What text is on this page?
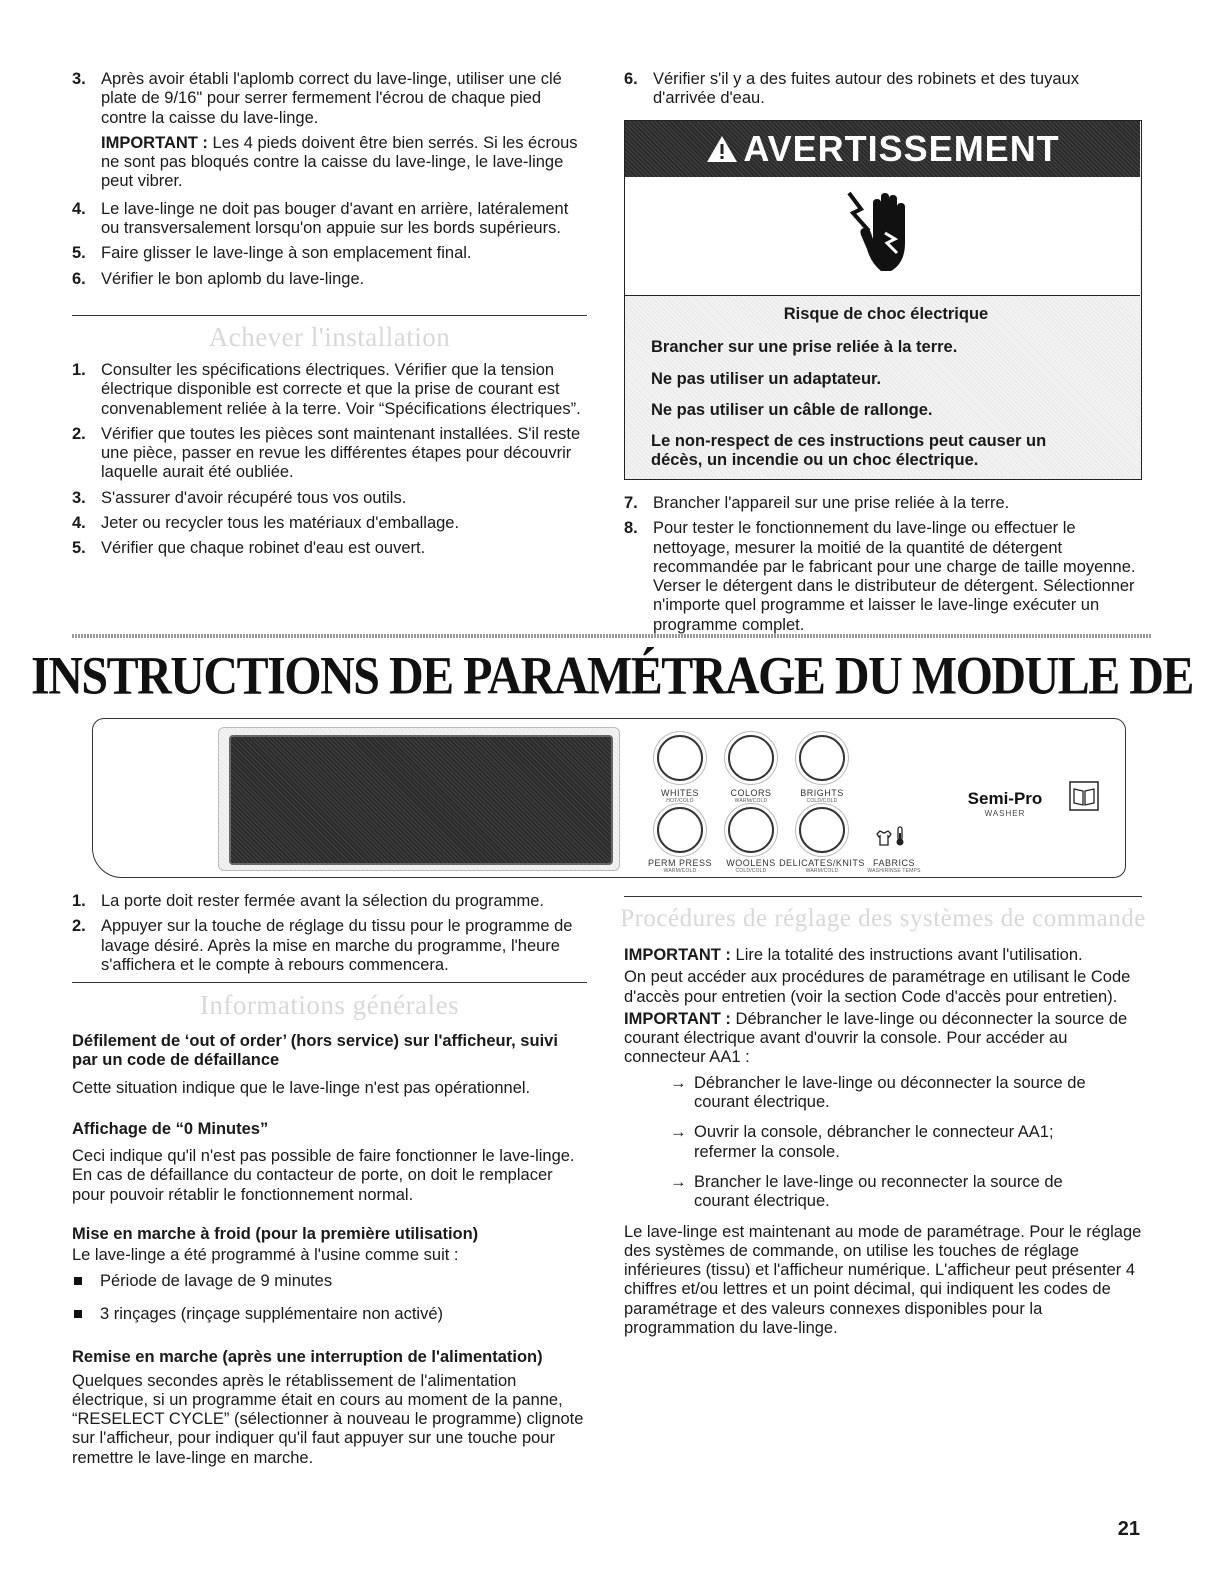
3. Après avoir établi l'aplomb correct du lave-linge, utiliser une clé plate de 9/16" pour serrer fermement l'écrou de chaque pied contre la caisse du lave-linge.
IMPORTANT : Les 4 pieds doivent être bien serrés. Si les écrous ne sont pas bloqués contre la caisse du lave-linge, le lave-linge peut vibrer.
4. Le lave-linge ne doit pas bouger d'avant en arrière, latéralement ou transversalement lorsqu'on appuie sur les bords supérieurs.
5. Faire glisser le lave-linge à son emplacement final.
6. Vérifier le bon aplomb du lave-linge.
Achever l'installation
1. Consulter les spécifications électriques. Vérifier que la tension électrique disponible est correcte et que la prise de courant est convenablement reliée à la terre. Voir “Spécifications électriques”.
2. Vérifier que toutes les pièces sont maintenant installées. S'il reste une pièce, passer en revue les différentes étapes pour découvrir laquelle aurait été oubliée.
3. S'assurer d'avoir récupéré tous vos outils.
4. Jeter ou recycler tous les matériaux d'emballage.
5. Vérifier que chaque robinet d'eau est ouvert.
6. Vérifier s'il y a des fuites autour des robinets et des tuyaux d'arrivée d'eau.
AVERTISSEMENT
Risque de choc électrique
Brancher sur une prise reliée à la terre.
Ne pas utiliser un adaptateur.
Ne pas utiliser un câble de rallonge.
Le non-respect de ces instructions peut causer un décès, un incendie ou un choc électrique.
7. Brancher l'appareil sur une prise reliée à la terre.
8. Pour tester le fonctionnement du lave-linge ou effectuer le nettoyage, mesurer la moitié de la quantité de détergent recommandée par le fabricant pour une charge de taille moyenne. Verser le détergent dans le distributeur de détergent. Sélectionner n'importe quel programme et laisser le lave-linge exécuter un programme complet.
INSTRUCTIONS DE PARAMÉTRAGE DU MODULE DE
WHITES
HOT/COLD
COLORS
WARM/COLD
BRIGHTS
COLD/COLD
PERM PRESS
WARM/COLD
WOOLENS
COLD/COLD
DELICATES/KNITS
WARM/COLD
FABRICS
WASH/RINSE TEMPS
Semi-Pro
WASHER
1. La porte doit rester fermée avant la sélection du programme.
2. Appuyer sur la touche de réglage du tissu pour le programme de lavage désiré. Après la mise en marche du programme, l'heure s'affichera et le compte à rebours commencera.
Informations générales

Défilement de ‘out of order’ (hors service) sur l'afficheur, suivi par un code de défaillance

Cette situation indique que le lave-linge n'est pas opérationnel.

Affichage de “0 Minutes”

Ceci indique qu'il n'est pas possible de faire fonctionner le lave-linge. En cas de défaillance du contacteur de porte, on doit le remplacer pour pouvoir rétablir le fonctionnement normal.

Mise en marche à froid (pour la première utilisation)

Le lave-linge a été programmé à l'usine comme suit :

Période de lavage de 9 minutes
3 rinçages (rinçage supplémentaire non activé)

Remise en marche (après une interruption de l'alimentation)

Quelques secondes après le rétablissement de l'alimentation électrique, si un programme était en cours au moment de la panne, “RESELECT CYCLE” (sélectionner à nouveau le programme) clignote sur l'afficheur, pour indiquer qu'il faut appuyer sur une touche pour remettre le lave-linge en marche.

Procédures de réglage des systèmes de commande

IMPORTANT : Lire la totalité des instructions avant l'utilisation.

On peut accéder aux procédures de paramétrage en utilisant le Code d'accès pour entretien (voir la section Code d'accès pour entretien).

IMPORTANT : Débrancher le lave-linge ou déconnecter la source de courant électrique avant d'ouvrir la console. Pour accéder au connecteur AA1 :

→ Débrancher le lave-linge ou déconnecter la source de courant électrique.
→ Ouvrir la console, débrancher le connecteur AA1; refermer la console.
→ Brancher le lave-linge ou reconnecter la source de courant électrique.

Le lave-linge est maintenant au mode de paramétrage. Pour le réglage des systèmes de commande, on utilise les touches de réglage inférieures (tissu) et l'afficheur numérique. L'afficheur peut présenter 4 chiffres et/ou lettres et un point décimal, qui indiquent les codes de paramétrage et des valeurs connexes disponibles pour la programmation du lave-linge.

21
